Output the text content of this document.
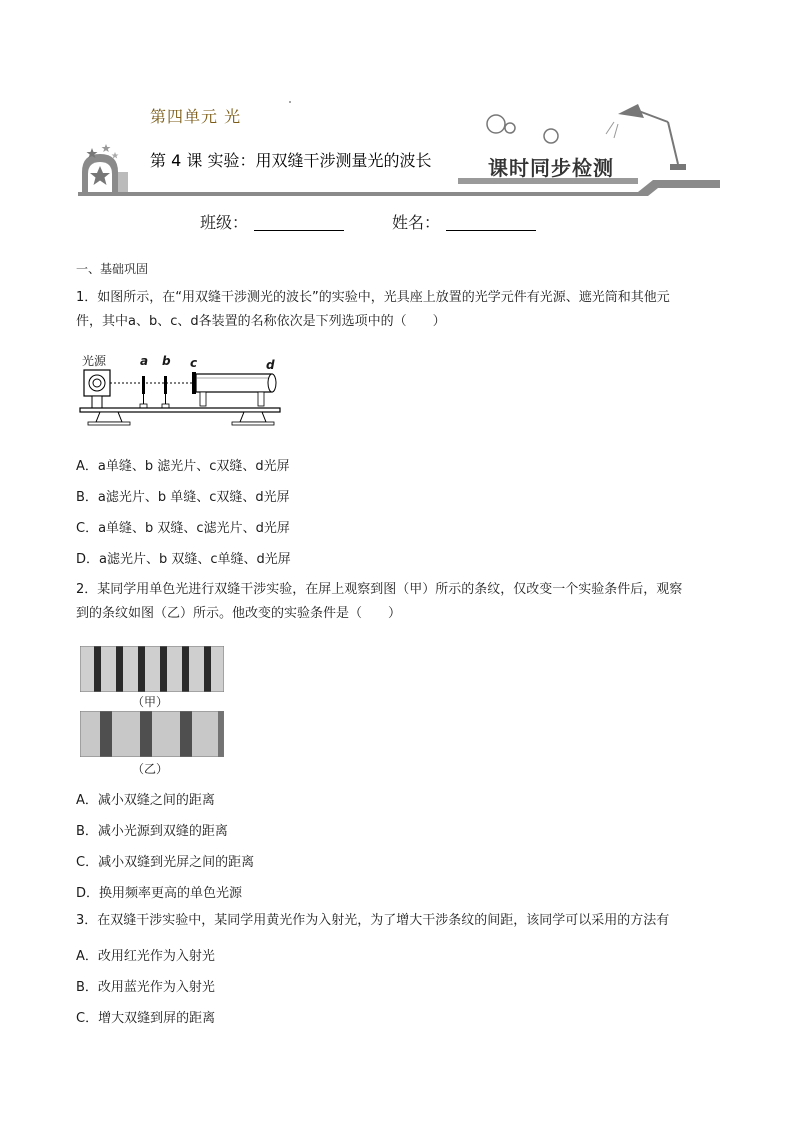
第四单元 光
第 4 课 实验：用双缝干涉测量光的波长	课时同步检测
班级：	姓名：
一、基础巩固
1．如图所示，在“用双缝干涉测光的波长”的实验中，光具座上放置的光学元件有光源、遮光筒和其他元
件，其中a、b、c、d各装置的名称依次是下列选项中的（　　）
光源	a b c	d
A．a单缝、b 滤光片、c双缝、d光屏
B．a滤光片、b 单缝、c双缝、d光屏
C．a单缝、b 双缝、c滤光片、d光屏
D．a滤光片、b 双缝、c单缝、d光屏
2．某同学用单色光进行双缝干涉实验，在屏上观察到图（甲）所示的条纹，仅改变一个实验条件后，观察
到的条纹如图（乙）所示。他改变的实验条件是（　　）
（甲）
（乙）
A．减小双缝之间的距离
B．减小光源到双缝的距离
C．减小双缝到光屏之间的距离
D．换用频率更高的单色光源
3．在双缝干涉实验中，某同学用黄光作为入射光，为了增大干涉条纹的间距，该同学可以采用的方法有
A．改用红光作为入射光
B．改用蓝光作为入射光
C．增大双缝到屏的距离
